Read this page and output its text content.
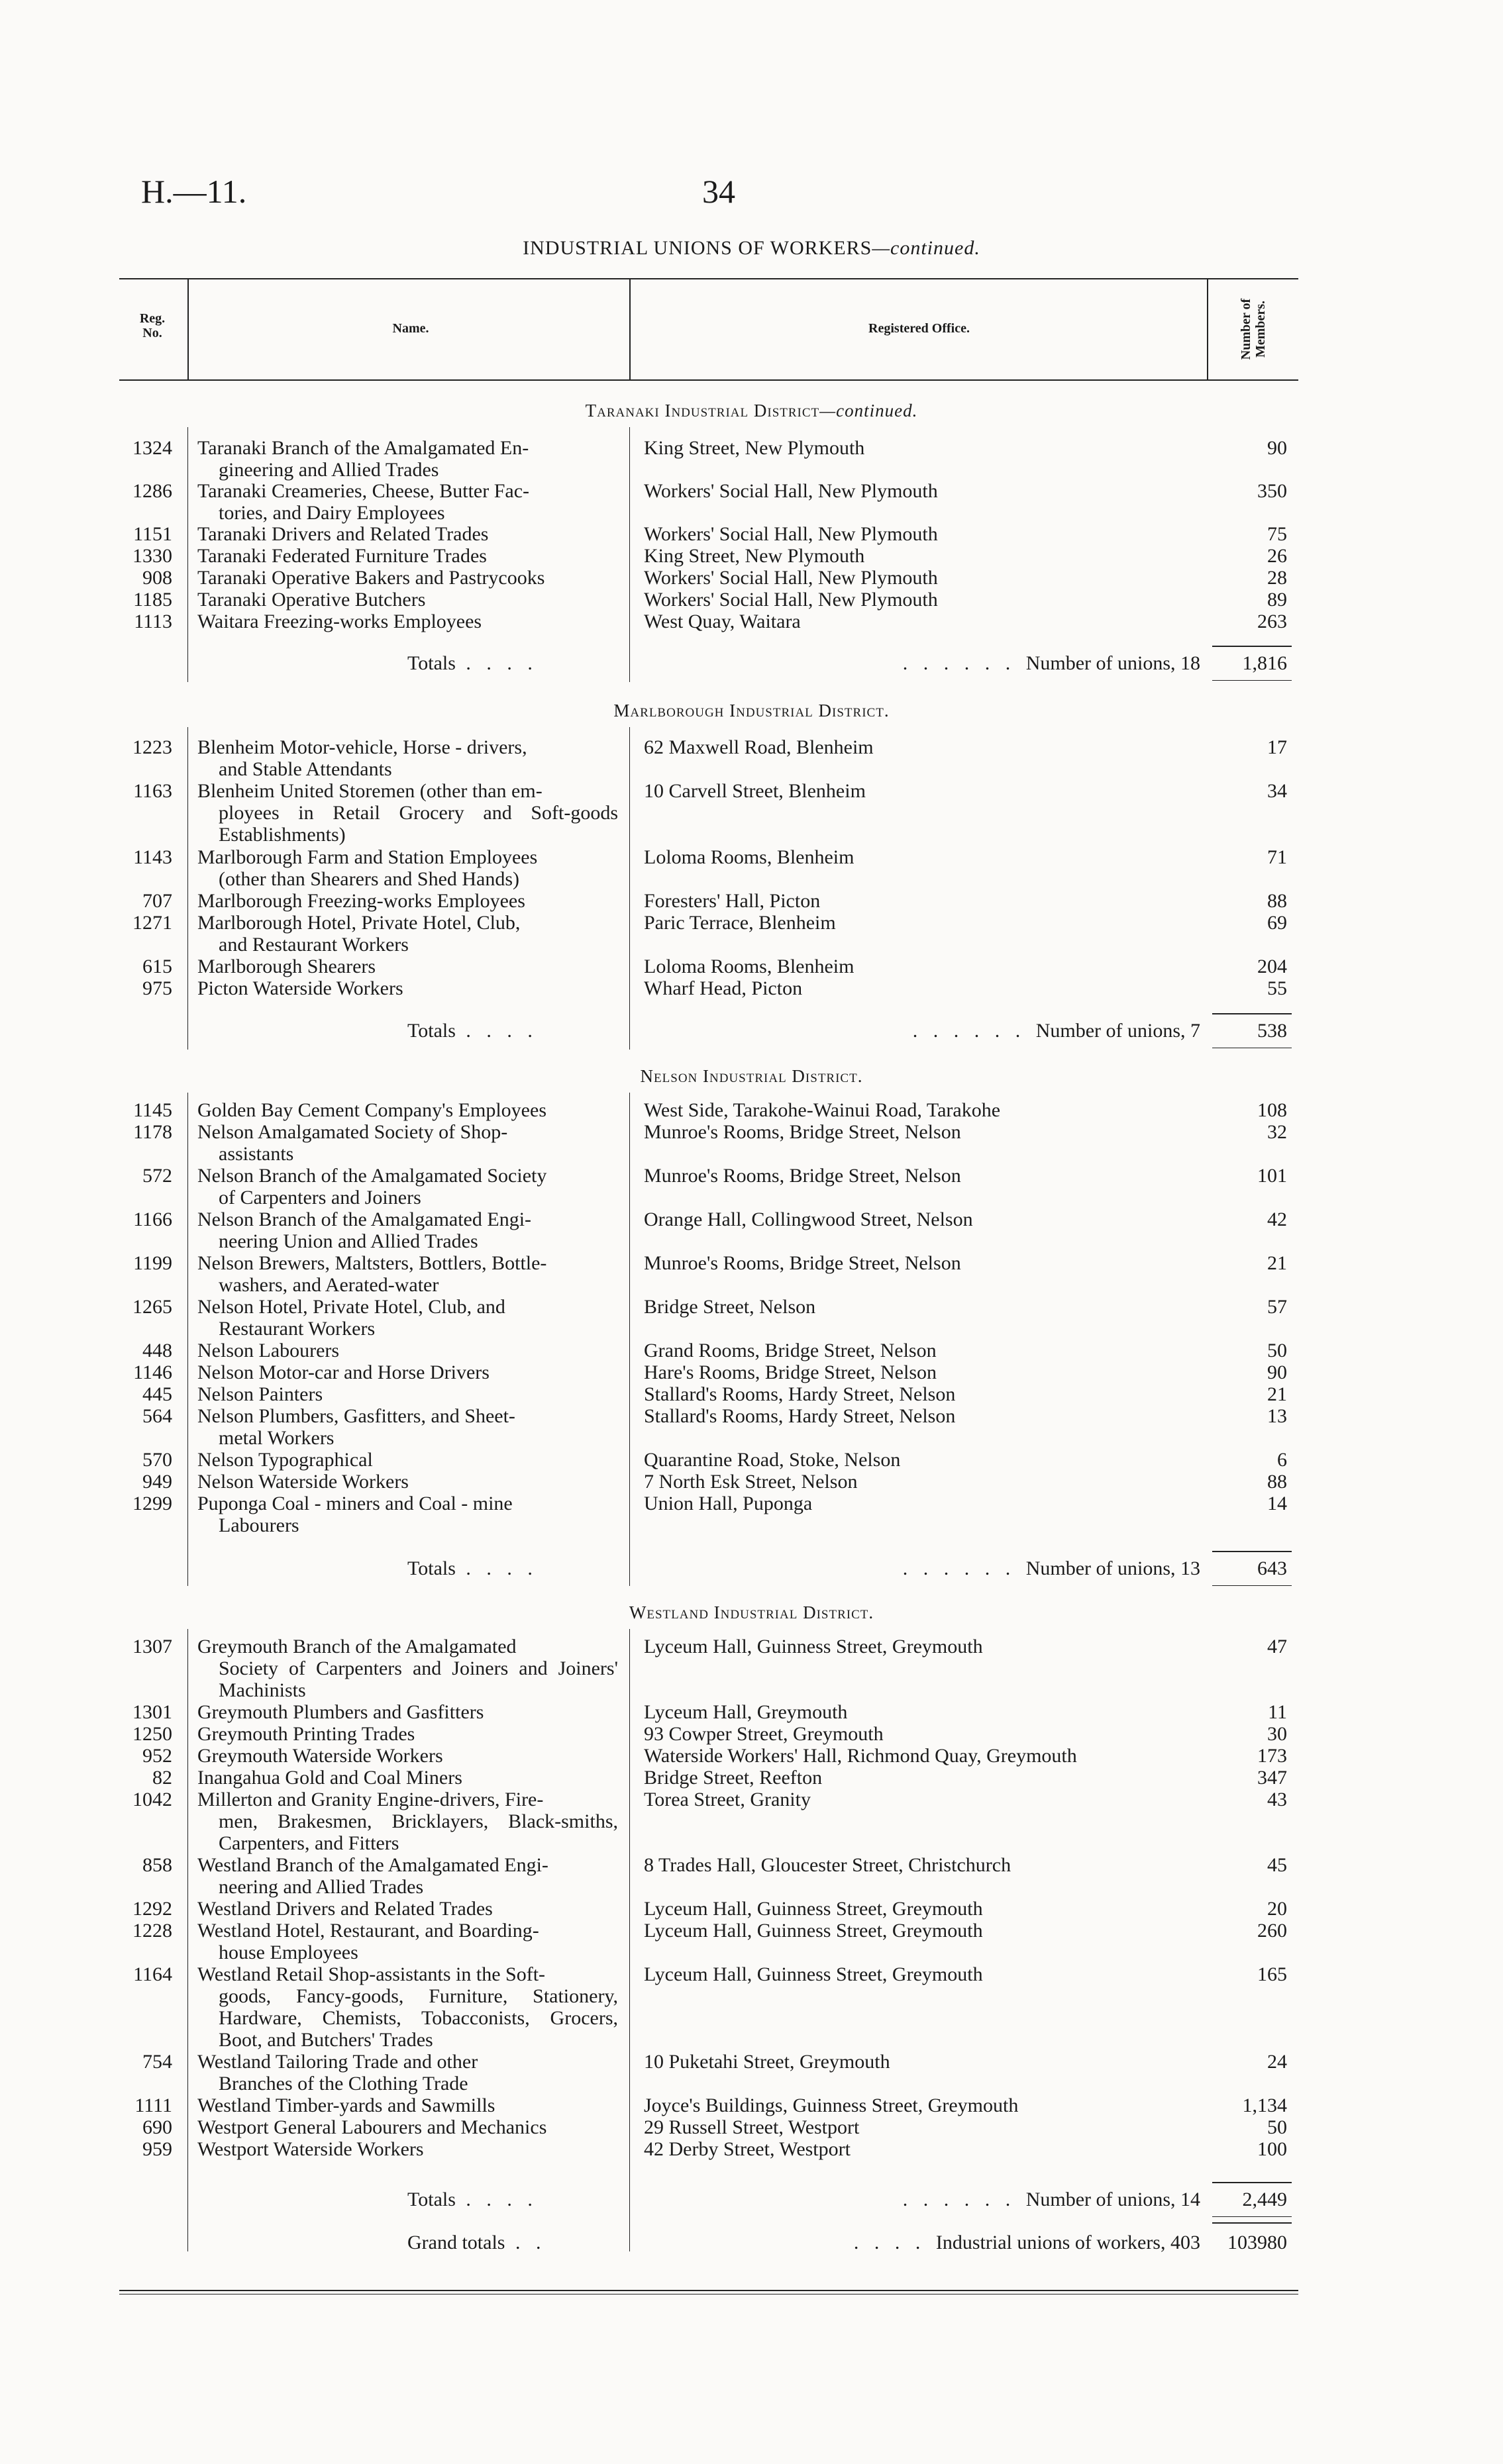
H.—11.	34
INDUSTRIAL UNIONS OF WORKERS—continued.
Reg.
No.	Name.	Registered Office.	Number of Members.
Taranaki Industrial District—continued.
1324 Taranaki Branch of the Amalgamated En-
gineering and Allied Trades
King Street, New Plymouth	90
1286 Taranaki Creameries, Cheese, Butter Fac-
tories, and Dairy Employees
Workers' Social Hall, New Plymouth	350
1151 Taranaki Drivers and Related Trades	Workers' Social Hall, New Plymouth	75
1330 Taranaki Federated Furniture Trades	King Street, New Plymouth	26
908 Taranaki Operative Bakers and Pastrycooks	Workers' Social Hall, New Plymouth	28
1185 Taranaki Operative Butchers	Workers' Social Hall, New Plymouth	89
1113 Waitara Freezing-works Employees	West Quay, Waitara	263
Totals . . . .	. . . . . . Number of unions, 18	1,816
Marlborough Industrial District.
1223 Blenheim Motor-vehicle, Horse - drivers,
and Stable Attendants
62 Maxwell Road, Blenheim	17
1163 Blenheim United Storemen (other than em-
ployees in Retail Grocery and Soft-goods Establishments)
10 Carvell Street, Blenheim	34
1143 Marlborough Farm and Station Employees
(other than Shearers and Shed Hands)
Loloma Rooms, Blenheim	71
707 Marlborough Freezing-works Employees	Foresters' Hall, Picton	88
1271 Marlborough Hotel, Private Hotel, Club,
and Restaurant Workers
Paric Terrace, Blenheim	69
615 Marlborough Shearers	Loloma Rooms, Blenheim	204
975 Picton Waterside Workers	Wharf Head, Picton	55
Totals . . . .	. . . . . . Number of unions, 7	538
Nelson Industrial District.
1145 Golden Bay Cement Company's Employees	West Side, Tarakohe-Wainui Road, Tarakohe	108
1178 Nelson Amalgamated Society of Shop-
assistants
Munroe's Rooms, Bridge Street, Nelson	32
572 Nelson Branch of the Amalgamated Society
of Carpenters and Joiners
Munroe's Rooms, Bridge Street, Nelson	101
1166 Nelson Branch of the Amalgamated Engi-
neering Union and Allied Trades
Orange Hall, Collingwood Street, Nelson	42
1199 Nelson Brewers, Maltsters, Bottlers, Bottle-
washers, and Aerated-water
Munroe's Rooms, Bridge Street, Nelson	21
1265 Nelson Hotel, Private Hotel, Club, and
Restaurant Workers
Bridge Street, Nelson	57
448 Nelson Labourers	Grand Rooms, Bridge Street, Nelson	50
1146 Nelson Motor-car and Horse Drivers	Hare's Rooms, Bridge Street, Nelson	90
445 Nelson Painters	Stallard's Rooms, Hardy Street, Nelson	21
564 Nelson Plumbers, Gasfitters, and Sheet-
metal Workers
Stallard's Rooms, Hardy Street, Nelson	13
570 Nelson Typographical	Quarantine Road, Stoke, Nelson	6
949 Nelson Waterside Workers	7 North Esk Street, Nelson	88
1299 Puponga Coal - miners and Coal - mine
Labourers
Union Hall, Puponga	14
Totals . . . .	. . . . . . Number of unions, 13	643
Westland Industrial District.
1307 Greymouth Branch of the Amalgamated
Society of Carpenters and Joiners and Joiners' Machinists
Lyceum Hall, Guinness Street, Greymouth	47
1301 Greymouth Plumbers and Gasfitters	Lyceum Hall, Greymouth	11
1250 Greymouth Printing Trades	93 Cowper Street, Greymouth	30
952 Greymouth Waterside Workers	Waterside Workers' Hall, Richmond Quay, Greymouth	173
82 Inangahua Gold and Coal Miners	Bridge Street, Reefton	347
1042 Millerton and Granity Engine-drivers, Fire-
men, Brakesmen, Bricklayers, Black-smiths, Carpenters, and Fitters
Torea Street, Granity	43
858 Westland Branch of the Amalgamated Engi-
neering and Allied Trades
8 Trades Hall, Gloucester Street, Christchurch	45
1292 Westland Drivers and Related Trades	Lyceum Hall, Guinness Street, Greymouth	20
1228 Westland Hotel, Restaurant, and Boarding-
house Employees
Lyceum Hall, Guinness Street, Greymouth	260
1164 Westland Retail Shop-assistants in the Soft-
goods, Fancy-goods, Furniture, Stationery, Hardware, Chemists, Tobacconists, Grocers, Boot, and Butchers' Trades
Lyceum Hall, Guinness Street, Greymouth	165
754 Westland Tailoring Trade and other
Branches of the Clothing Trade
10 Puketahi Street, Greymouth	24
1111 Westland Timber-yards and Sawmills	Joyce's Buildings, Guinness Street, Greymouth	1,134
690 Westport General Labourers and Mechanics	29 Russell Street, Westport	50
959 Westport Waterside Workers	42 Derby Street, Westport	100
Totals . . . .	. . . . . . Number of unions, 14	2,449
Grand totals . .	. . . . Industrial unions of workers, 403	103980
